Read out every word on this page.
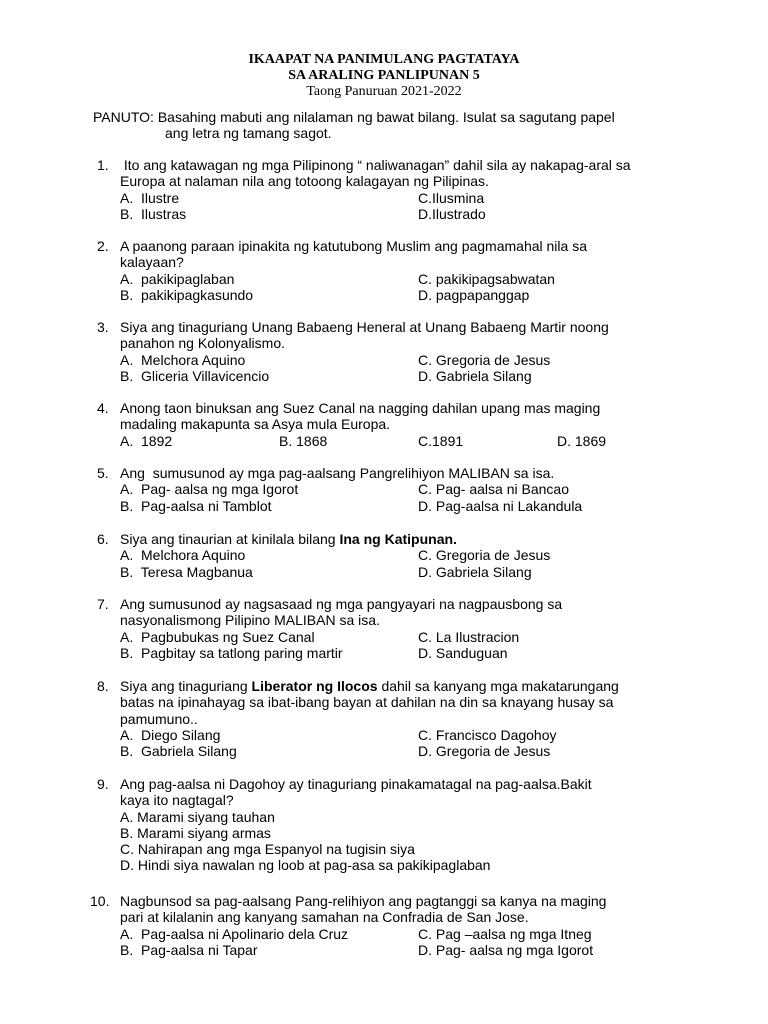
IKAAPAT NA PANIMULANG PAGTATAYA
SA ARALING PANLIPUNAN 5
Taong Panuruan 2021-2022
PANUTO: Basahing mabuti ang nilalaman ng bawat bilang. Isulat sa sagutang papel
ang letra ng tamang sagot.
1. Ito ang katawagan ng mga Pilipinong “ naliwanagan” dahil sila ay nakapag-aral sa
Europa at nalaman nila ang totoong kalagayan ng Pilipinas.
A.  Ilustre	C.Ilusmina
B.  Ilustras	D.Ilustrado
2. A paanong paraan ipinakita ng katutubong Muslim ang pagmamahal nila sa
kalayaan?
A.  pakikipaglaban	C. pakikipagsabwatan
B.  pakikipagkasundo	D. pagpapanggap
3. Siya ang tinaguriang Unang Babaeng Heneral at Unang Babaeng Martir noong
panahon ng Kolonyalismo.
A.  Melchora Aquino	C. Gregoria de Jesus
B.  Gliceria Villavicencio	D. Gabriela Silang
4. Anong taon binuksan ang Suez Canal na nagging dahilan upang mas maging
madaling makapunta sa Asya mula Europa.
A.  1892	B. 1868	C.1891	D. 1869
5. Ang  sumusunod ay mga pag-aalsang Pangrelihiyon MALIBAN sa isa.
A.  Pag- aalsa ng mga Igorot	C. Pag- aalsa ni Bancao
B.  Pag-aalsa ni Tamblot	D. Pag-aalsa ni Lakandula
6. Siya ang tinaurian at kinilala bilang Ina ng Katipunan.
A.  Melchora Aquino	C. Gregoria de Jesus
B.  Teresa Magbanua	D. Gabriela Silang
7. Ang sumusunod ay nagsasaad ng mga pangyayari na nagpausbong sa
nasyonalismong Pilipino MALIBAN sa isa.
A.  Pagbubukas ng Suez Canal	C. La Ilustracion
B.  Pagbitay sa tatlong paring martir	D. Sanduguan
8. Siya ang tinaguriang Liberator ng Ilocos dahil sa kanyang mga makatarungang
batas na ipinahayag sa ibat-ibang bayan at dahilan na din sa knayang husay sa
pamumuno..
A.  Diego Silang	C. Francisco Dagohoy
B.  Gabriela Silang	D. Gregoria de Jesus
9. Ang pag-aalsa ni Dagohoy ay tinaguriang pinakamatagal na pag-aalsa.Bakit
kaya ito nagtagal?
A. Marami siyang tauhan
B. Marami siyang armas
C. Nahirapan ang mga Espanyol na tugisin siya
D. Hindi siya nawalan ng loob at pag-asa sa pakikipaglaban
10. Nagbunsod sa pag-aalsang Pang-relihiyon ang pagtanggi sa kanya na maging
pari at kilalanin ang kanyang samahan na Confradia de San Jose.
A.  Pag-aalsa ni Apolinario dela Cruz	C. Pag –aalsa ng mga Itneg
B.  Pag-aalsa ni Tapar	D. Pag- aalsa ng mga Igorot
